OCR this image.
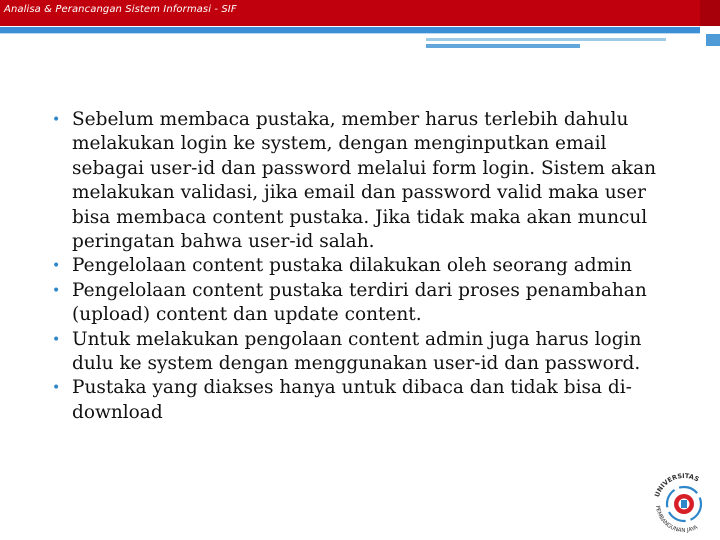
Analisa & Perancangan Sistem Informasi - SIF
• Sebelum membaca pustaka, member harus terlebih dahulu melakukan login ke system, dengan menginputkan email sebagai user-id dan password melalui form login. Sistem akan melakukan validasi, jika email dan password valid maka user bisa membaca content pustaka. Jika tidak maka akan muncul peringatan bahwa user-id salah.
• Pengelolaan content pustaka dilakukan oleh seorang admin
• Pengelolaan content pustaka terdiri dari proses penambahan (upload) content dan update content.
• Untuk melakukan pengolaan content admin juga harus login dulu ke system dengan menggunakan user-id dan password.
• Pustaka yang diakses hanya untuk dibaca dan tidak bisa di-download
UNIVERSITAS
PEMBANGUNAN JAYA
